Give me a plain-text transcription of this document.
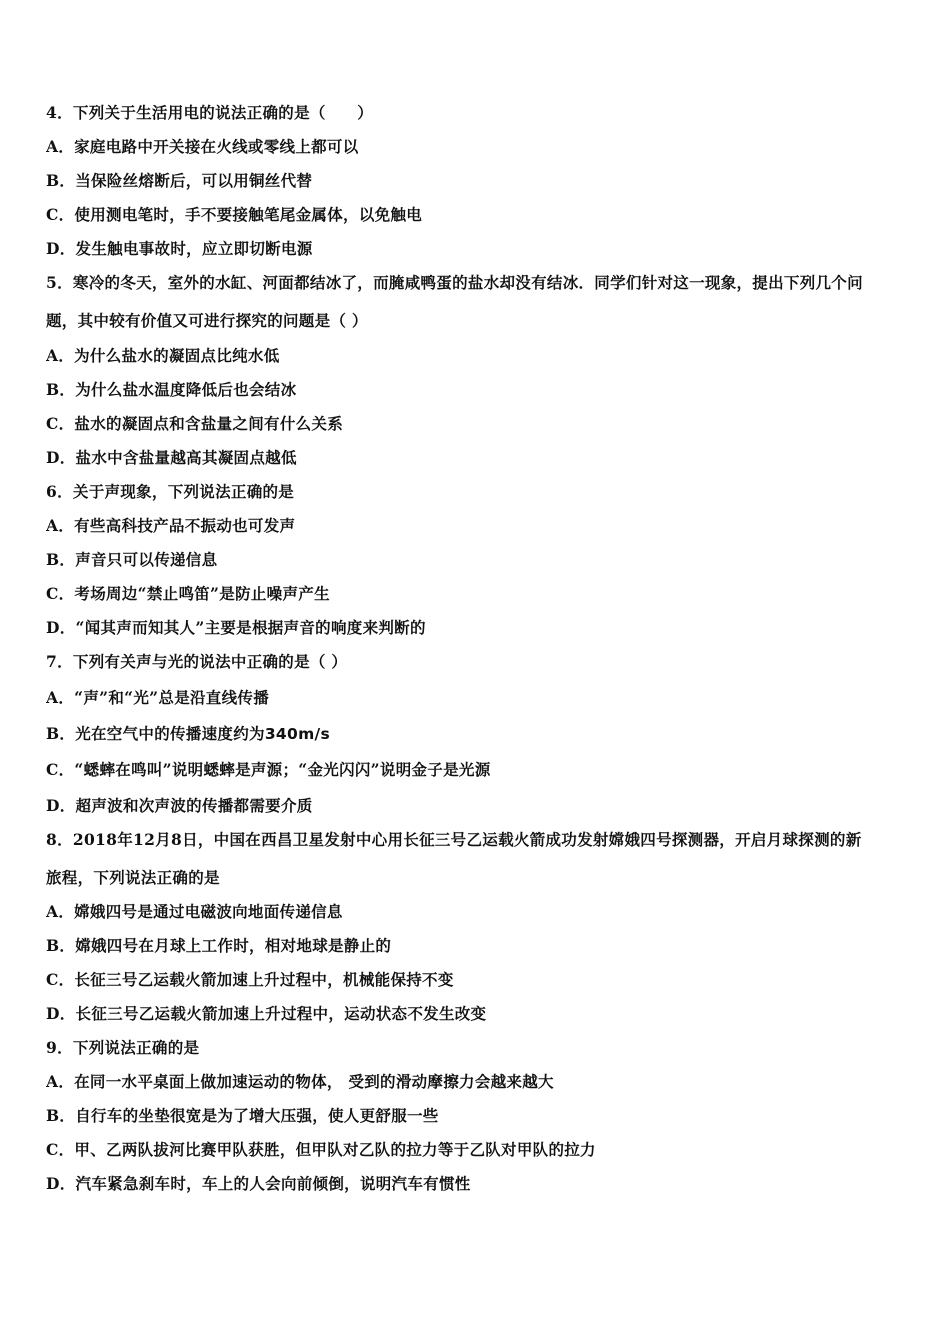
4．下列关于生活用电的说法正确的是（　　）
A．家庭电路中开关接在火线或零线上都可以
B．当保险丝熔断后，可以用铜丝代替
C．使用测电笔时，手不要接触笔尾金属体，以免触电
D．发生触电事故时，应立即切断电源
5．寒冷的冬天，室外的水缸、河面都结冰了，而腌咸鸭蛋的盐水却没有结冰．同学们针对这一现象，提出下列几个问
题，其中较有价值又可进行探究的问题是（ ）
A．为什么盐水的凝固点比纯水低
B．为什么盐水温度降低后也会结冰
C．盐水的凝固点和含盐量之间有什么关系
D．盐水中含盐量越高其凝固点越低
6．关于声现象，下列说法正确的是
A．有些高科技产品不振动也可发声
B．声音只可以传递信息
C．考场周边“禁止鸣笛”是防止噪声产生
D．“闻其声而知其人”主要是根据声音的响度来判断的
7．下列有关声与光的说法中正确的是（ ）
A．“声”和“光”总是沿直线传播
B．光在空气中的传播速度约为340m/s
C．“蟋蟀在鸣叫”说明蟋蟀是声源；“金光闪闪”说明金子是光源
D．超声波和次声波的传播都需要介质
8．2018年12月8日，中国在西昌卫星发射中心用长征三号乙运载火箭成功发射嫦娥四号探测器，开启月球探测的新
旅程，下列说法正确的是
A．嫦娥四号是通过电磁波向地面传递信息
B．嫦娥四号在月球上工作时，相对地球是静止的
C．长征三号乙运载火箭加速上升过程中，机械能保持不变
D．长征三号乙运载火箭加速上升过程中，运动状态不发生改变
9．下列说法正确的是
A．在同一水平桌面上做加速运动的物体， 受到的滑动摩擦力会越来越大
B．自行车的坐垫很宽是为了增大压强，使人更舒服一些
C．甲、乙两队拔河比赛甲队获胜，但甲队对乙队的拉力等于乙队对甲队的拉力
D．汽车紧急刹车时，车上的人会向前倾倒，说明汽车有惯性
